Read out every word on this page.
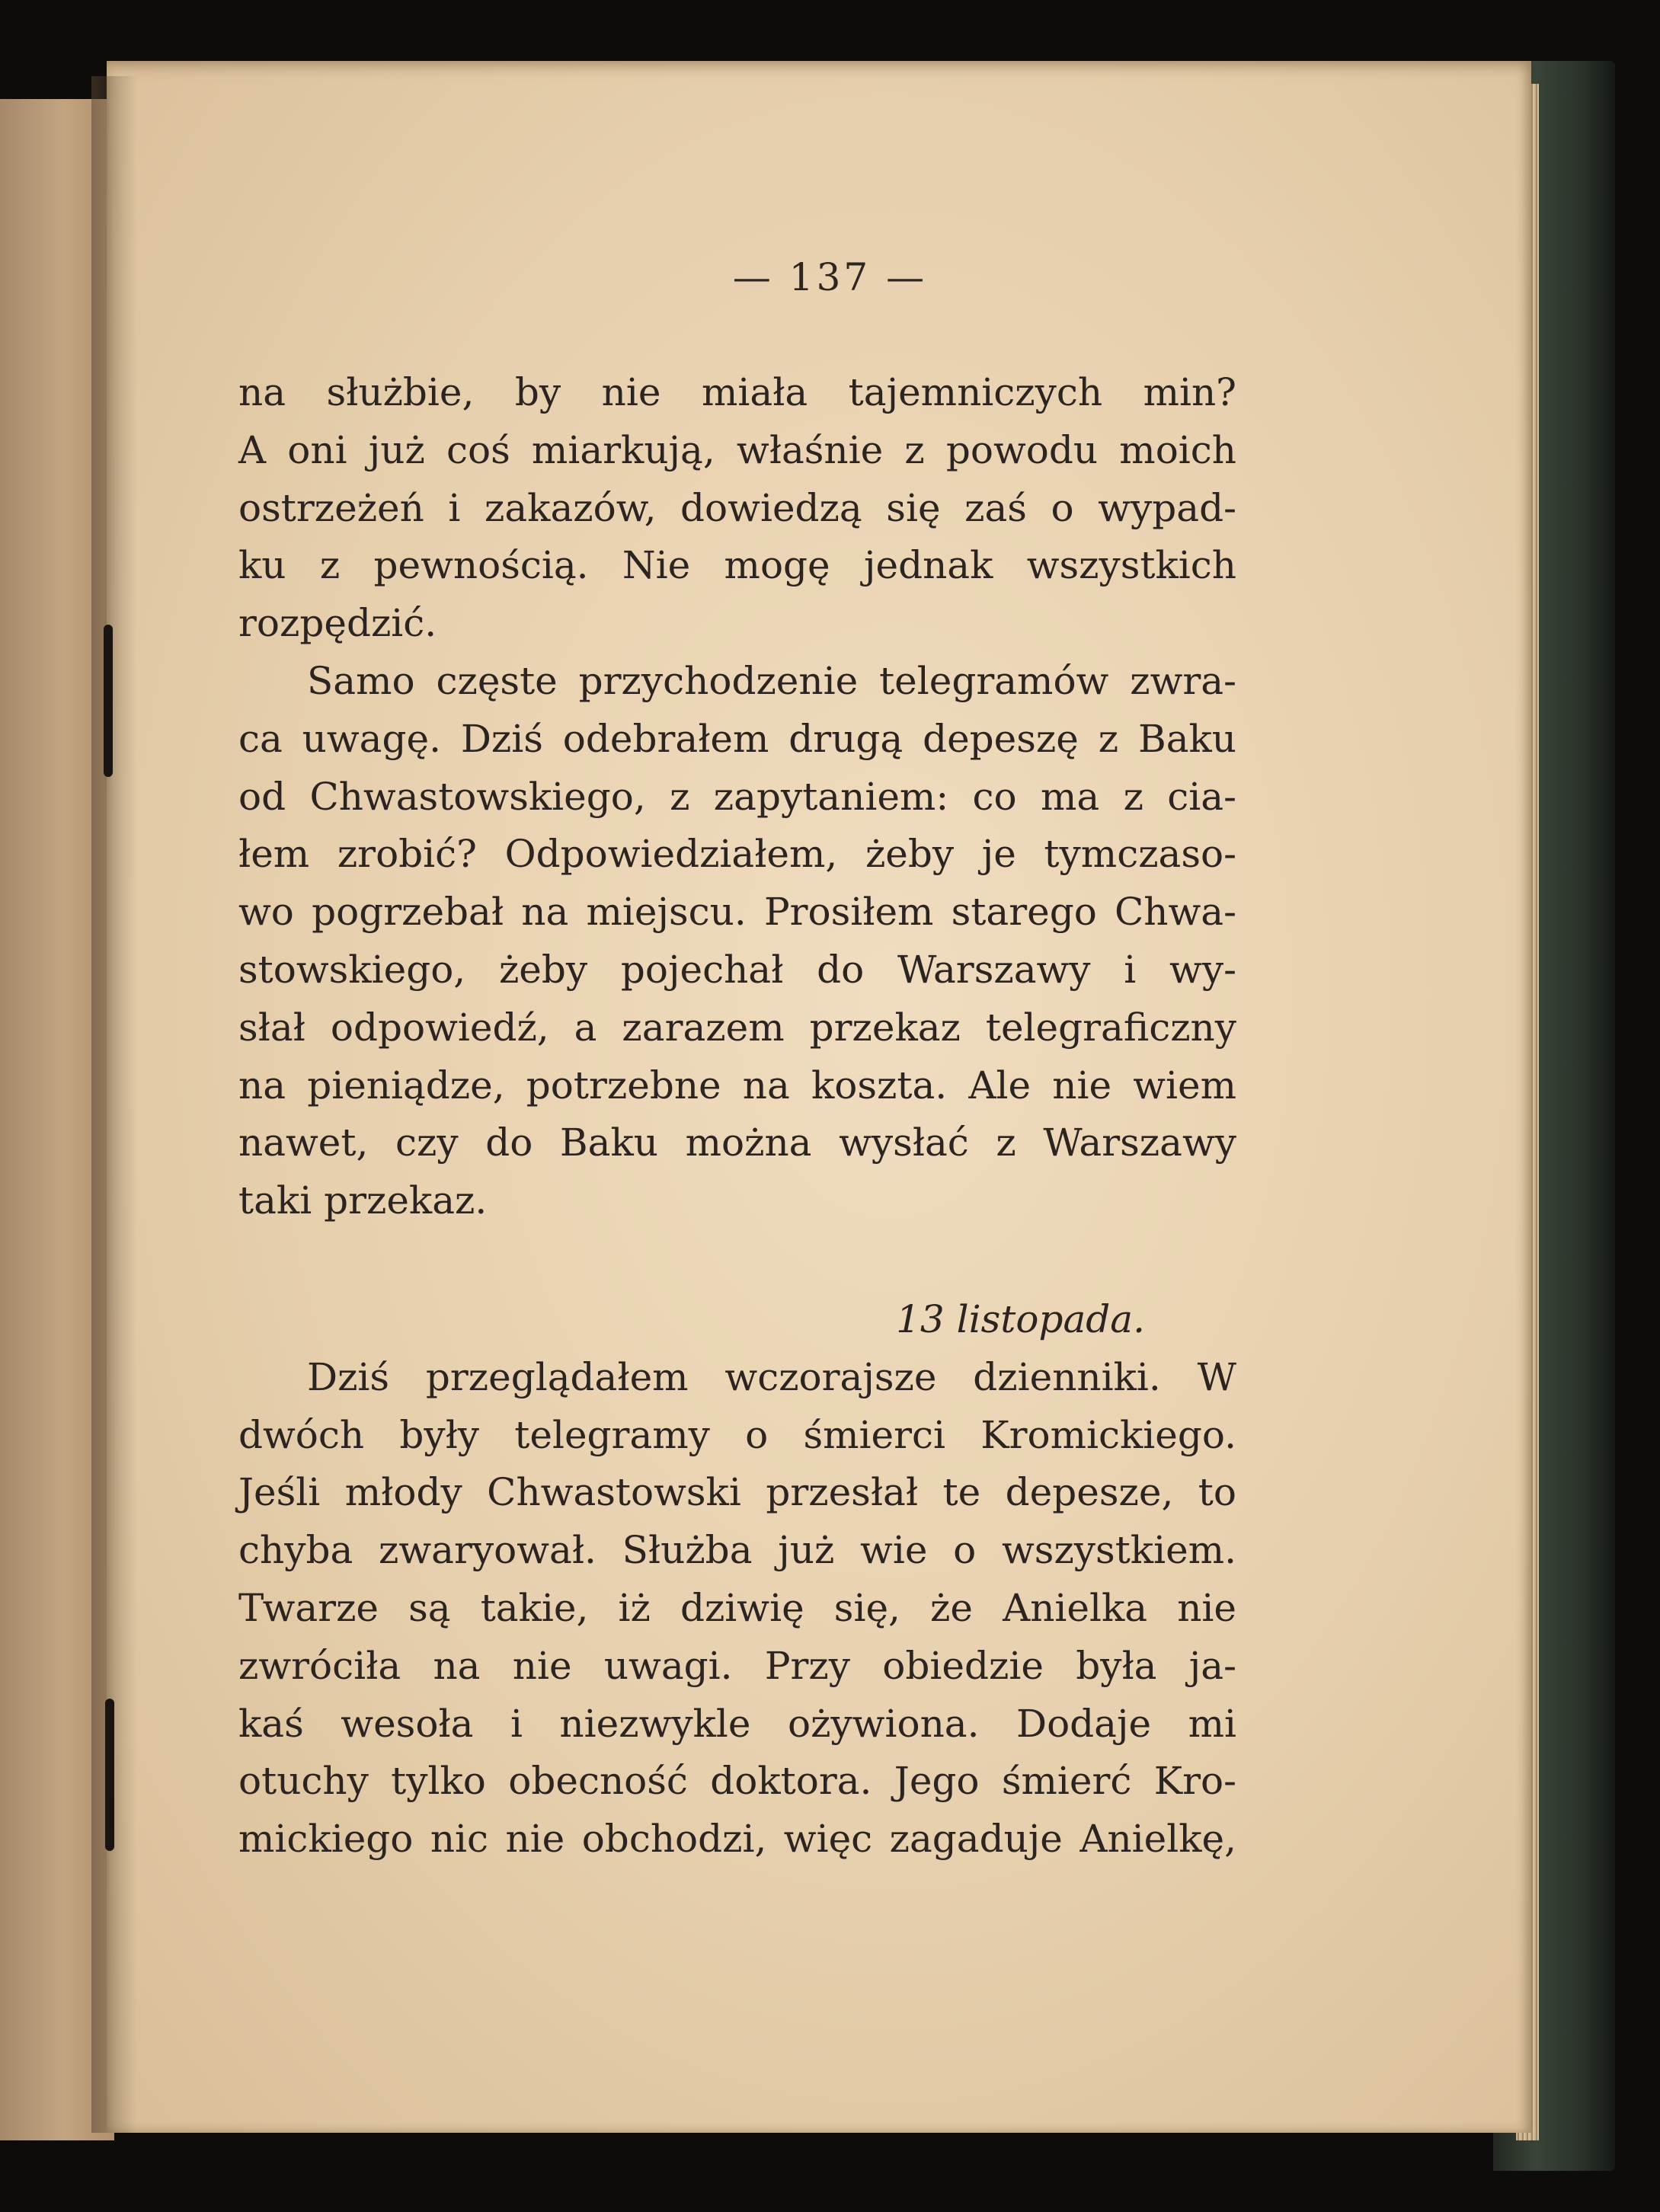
— 137 —
na służbie, by nie miała tajemniczych min?
A oni już coś miarkują, właśnie z powodu moich
ostrzeżeń i zakazów, dowiedzą się zaś o wypad-
ku z pewnością. Nie mogę jednak wszystkich
rozpędzić.
Samo częste przychodzenie telegramów zwra-
ca uwagę. Dziś odebrałem drugą depeszę z Baku
od Chwastowskiego, z zapytaniem: co ma z cia-
łem zrobić? Odpowiedziałem, żeby je tymczaso-
wo pogrzebał na miejscu. Prosiłem starego Chwa-
stowskiego, żeby pojechał do Warszawy i wy-
słał odpowiedź, a zarazem przekaz telegraficzny
na pieniądze, potrzebne na koszta. Ale nie wiem
nawet, czy do Baku można wysłać z Warszawy
taki przekaz.
13 listopada.
Dziś przeglądałem wczorajsze dzienniki. W
dwóch były telegramy o śmierci Kromickiego.
Jeśli młody Chwastowski przesłał te depesze, to
chyba zwaryował. Służba już wie o wszystkiem.
Twarze są takie, iż dziwię się, że Anielka nie
zwróciła na nie uwagi. Przy obiedzie była ja-
kaś wesoła i niezwykle ożywiona. Dodaje mi
otuchy tylko obecność doktora. Jego śmierć Kro-
mickiego nic nie obchodzi, więc zagaduje Anielkę,
